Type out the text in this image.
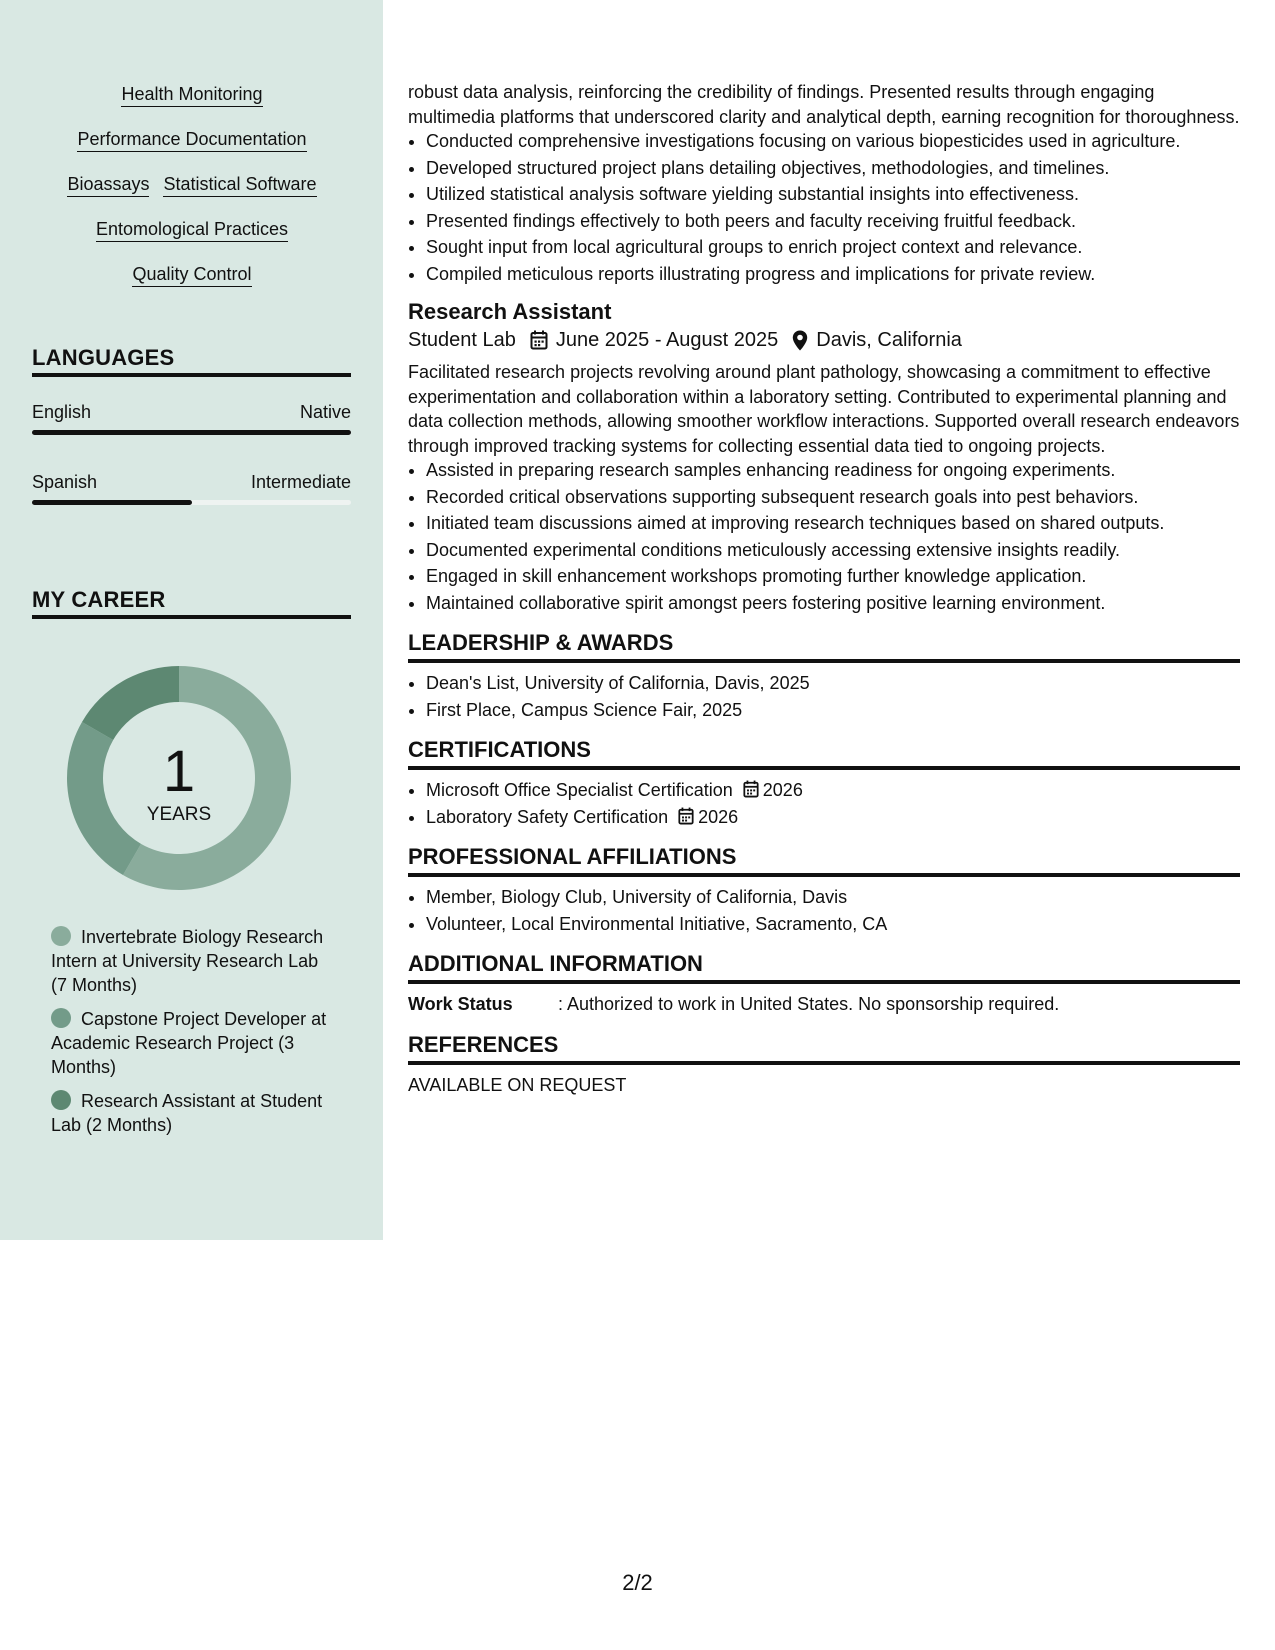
Health Monitoring
Performance Documentation
Bioassays Statistical Software
Entomological Practices
Quality Control
LANGUAGES
English	Native
Spanish	Intermediate
MY CAREER
1
YEARS
Invertebrate Biology Research Intern at University Research Lab (7 Months)
Capstone Project Developer at Academic Research Project (3 Months)
Research Assistant at Student Lab (2 Months)

robust data analysis, reinforcing the credibility of findings. Presented results through engaging multimedia platforms that underscored clarity and analytical depth, earning recognition for thoroughness.

• Conducted comprehensive investigations focusing on various biopesticides used in agriculture.
• Developed structured project plans detailing objectives, methodologies, and timelines.
• Utilized statistical analysis software yielding substantial insights into effectiveness.
• Presented findings effectively to both peers and faculty receiving fruitful feedback.
• Sought input from local agricultural groups to enrich project context and relevance.
• Compiled meticulous reports illustrating progress and implications for private review.
Research Assistant
Student Lab June 2025 - August 2025 Davis, California

Facilitated research projects revolving around plant pathology, showcasing a commitment to effective experimentation and collaboration within a laboratory setting. Contributed to experimental planning and data collection methods, allowing smoother workflow interactions. Supported overall research endeavors through improved tracking systems for collecting essential data tied to ongoing projects.

• Assisted in preparing research samples enhancing readiness for ongoing experiments.
• Recorded critical observations supporting subsequent research goals into pest behaviors.
• Initiated team discussions aimed at improving research techniques based on shared outputs.
• Documented experimental conditions meticulously accessing extensive insights readily.
• Engaged in skill enhancement workshops promoting further knowledge application.
• Maintained collaborative spirit amongst peers fostering positive learning environment.
LEADERSHIP & AWARDS
• Dean's List, University of California, Davis, 2025
• First Place, Campus Science Fair, 2025
CERTIFICATIONS
• Microsoft Office Specialist Certification 2026
• Laboratory Safety Certification 2026
PROFESSIONAL AFFILIATIONS
• Member, Biology Club, University of California, Davis
• Volunteer, Local Environmental Initiative, Sacramento, CA
ADDITIONAL INFORMATION
Work Status	: Authorized to work in United States. No sponsorship required.
REFERENCES

AVAILABLE ON REQUEST

2/2
